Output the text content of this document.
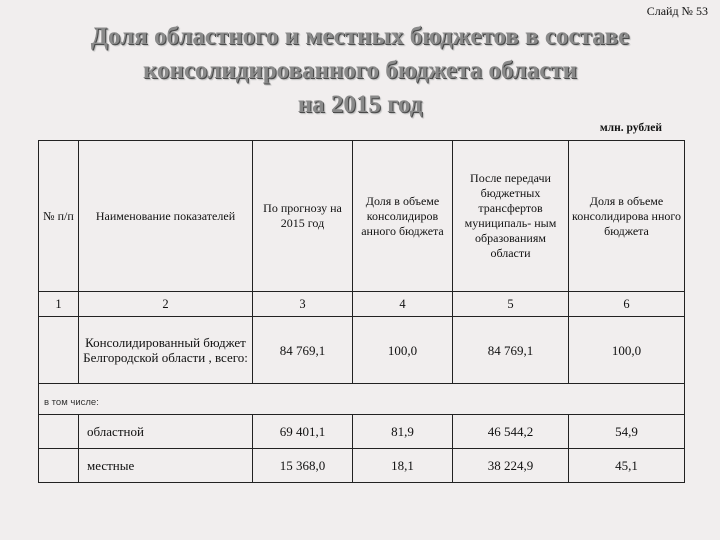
Слайд № 53
Доля областного и местных бюджетов в составе
консолидированного бюджета области
на 2015 год
млн. рублей
№ п/п	Наименование показателей	По прогнозу на 2015 год	Доля в объеме консолидиров анного бюджета	После передачи бюджетных трансфертов муниципаль- ным образованиям области	Доля в объеме консолидирова нного бюджета
1	2	3	4	5	6
	Консолидированный бюджет Белгородской области , всего:	84 769,1	100,0	84 769,1	100,0
в том числе:					
	областной	69 401,1	81,9	46 544,2	54,9
	местные	15 368,0	18,1	38 224,9	45,1
